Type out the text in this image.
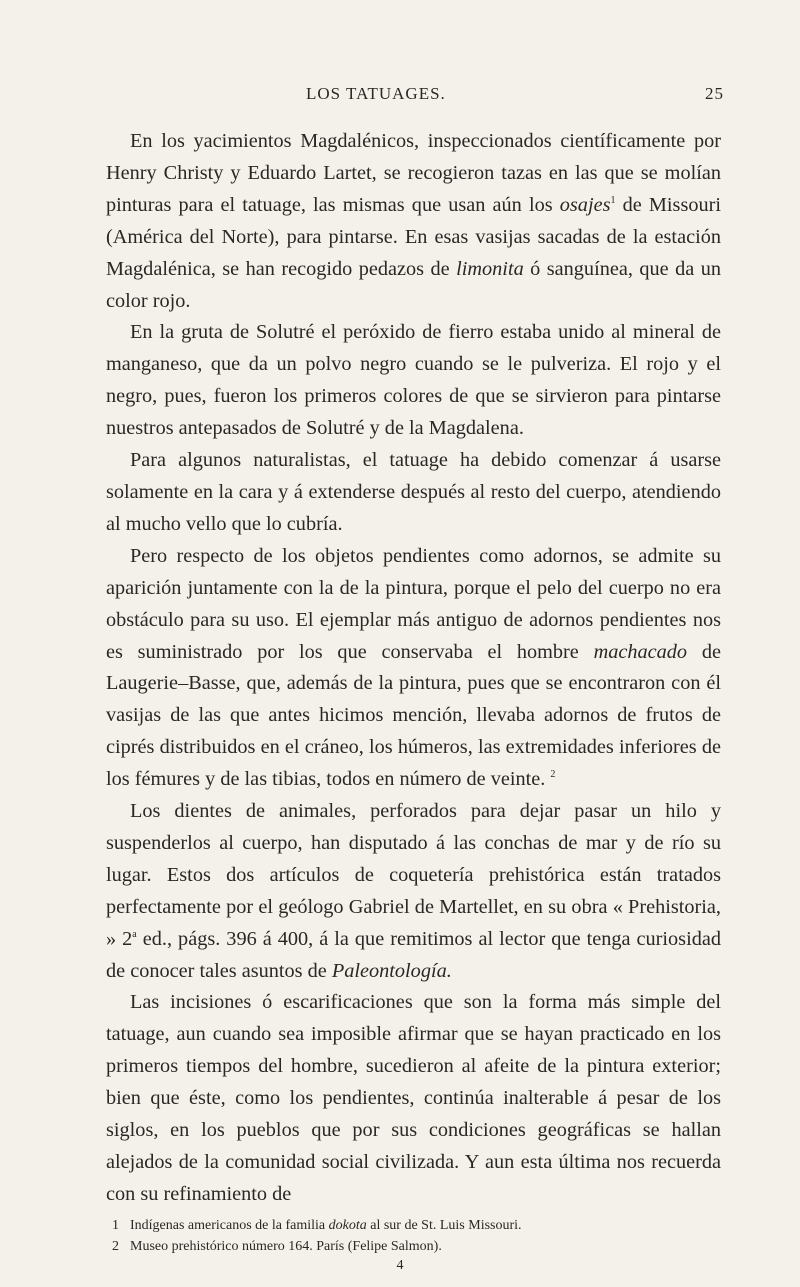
LOS TATUAGES.	25

En los yacimientos Magdalénicos, inspeccionados científicamente por Henry Christy y Eduardo Lartet, se recogieron tazas en las que se molían pinturas para el tatuage, las mismas que usan aún los osajes$^1$ de Missouri (América del Norte), para pintarse. En esas vasijas sacadas de la estación Magdalénica, se han recogido pedazos de limonita ó sanguínea, que da un color rojo.

En la gruta de Solutré el peróxido de fierro estaba unido al mineral de manganeso, que da un polvo negro cuando se le pulveriza. El rojo y el negro, pues, fueron los primeros colores de que se sirvieron para pintarse nuestros antepasados de Solutré y de la Magdalena.

Para algunos naturalistas, el tatuage ha debido comenzar á usarse solamente en la cara y á extenderse después al resto del cuerpo, atendiendo al mucho vello que lo cubría.

Pero respecto de los objetos pendientes como adornos, se admite su aparición juntamente con la de la pintura, porque el pelo del cuerpo no era obstáculo para su uso. El ejemplar más antiguo de adornos pendientes nos es suministrado por los que conservaba el hombre machacado de Laugerie–Basse, que, además de la pintura, pues que se encontraron con él vasijas de las que antes hicimos mención, llevaba adornos de frutos de ciprés distribuidos en el cráneo, los húmeros, las extremidades inferiores de los fémures y de las tibias, todos en número de veinte. $^2$

Los dientes de animales, perforados para dejar pasar un hilo y suspenderlos al cuerpo, han disputado á las conchas de mar y de río su lugar. Estos dos artículos de coquetería prehistórica están tratados perfectamente por el geólogo Gabriel de Martellet, en su obra « Prehistoria, » 2$^a$ ed., págs. 396 á 400, á la que remitimos al lector que tenga curiosidad de conocer tales asuntos de Paleontología.

Las incisiones ó escarificaciones que son la forma más simple del tatuage, aun cuando sea imposible afirmar que se hayan practicado en los primeros tiempos del hombre, sucedieron al afeite de la pintura exterior; bien que éste, como los pendientes, continúa inalterable á pesar de los siglos, en los pueblos que por sus condiciones geográficas se hallan alejados de la comunidad social civilizada. Y aun esta última nos recuerda con su refinamiento de

1 Indígenas americanos de la familia dokota al sur de St. Luis Missouri.

2 Museo prehistórico número 164. París (Felipe Salmon).

4
